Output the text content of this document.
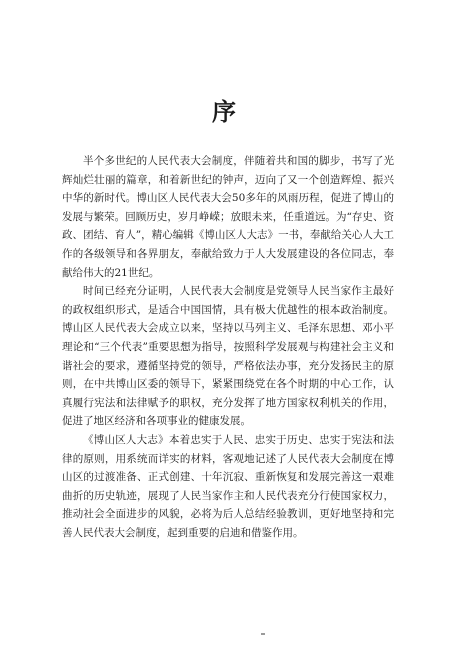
序

半个多世纪的人民代表大会制度，伴随着共和国的脚步，书写了光辉灿烂壮丽的篇章，和着新世纪的钟声，迈向了又一个创造辉煌、振兴中华的新时代。博山区人民代表大会50多年的风雨历程，促进了博山的发展与繁荣。回顾历史，岁月峥嵘；放眼未来，任重道远。为“存史、资政、团结、育人”，精心编辑《博山区人大志》一书，奉献给关心人大工作的各级领导和各界朋友，奉献给致力于人大发展建设的各位同志，奉献给伟大的21世纪。

时间已经充分证明，人民代表大会制度是党领导人民当家作主最好的政权组织形式，是适合中国国情，具有极大优越性的根本政治制度。博山区人民代表大会成立以来，坚持以马列主义、毛泽东思想、邓小平理论和“三个代表”重要思想为指导，按照科学发展观与构建社会主义和谐社会的要求，遵循坚持党的领导，严格依法办事，充分发扬民主的原则，在中共博山区委的领导下，紧紧围绕党在各个时期的中心工作，认真履行宪法和法律赋予的职权，充分发挥了地方国家权利机关的作用，促进了地区经济和各项事业的健康发展。

《博山区人大志》本着忠实于人民、忠实于历史、忠实于宪法和法律的原则，用系统而详实的材料，客观地记述了人民代表大会制度在博山区的过渡准备、正式创建、十年沉寂、重新恢复和发展完善这一艰难曲折的历史轨迹，展现了人民当家作主和人民代表充分行使国家权力，推动社会全面进步的风貌，必将为后人总结经验教训，更好地坚持和完善人民代表大会制度，起到重要的启迪和借鉴作用。
